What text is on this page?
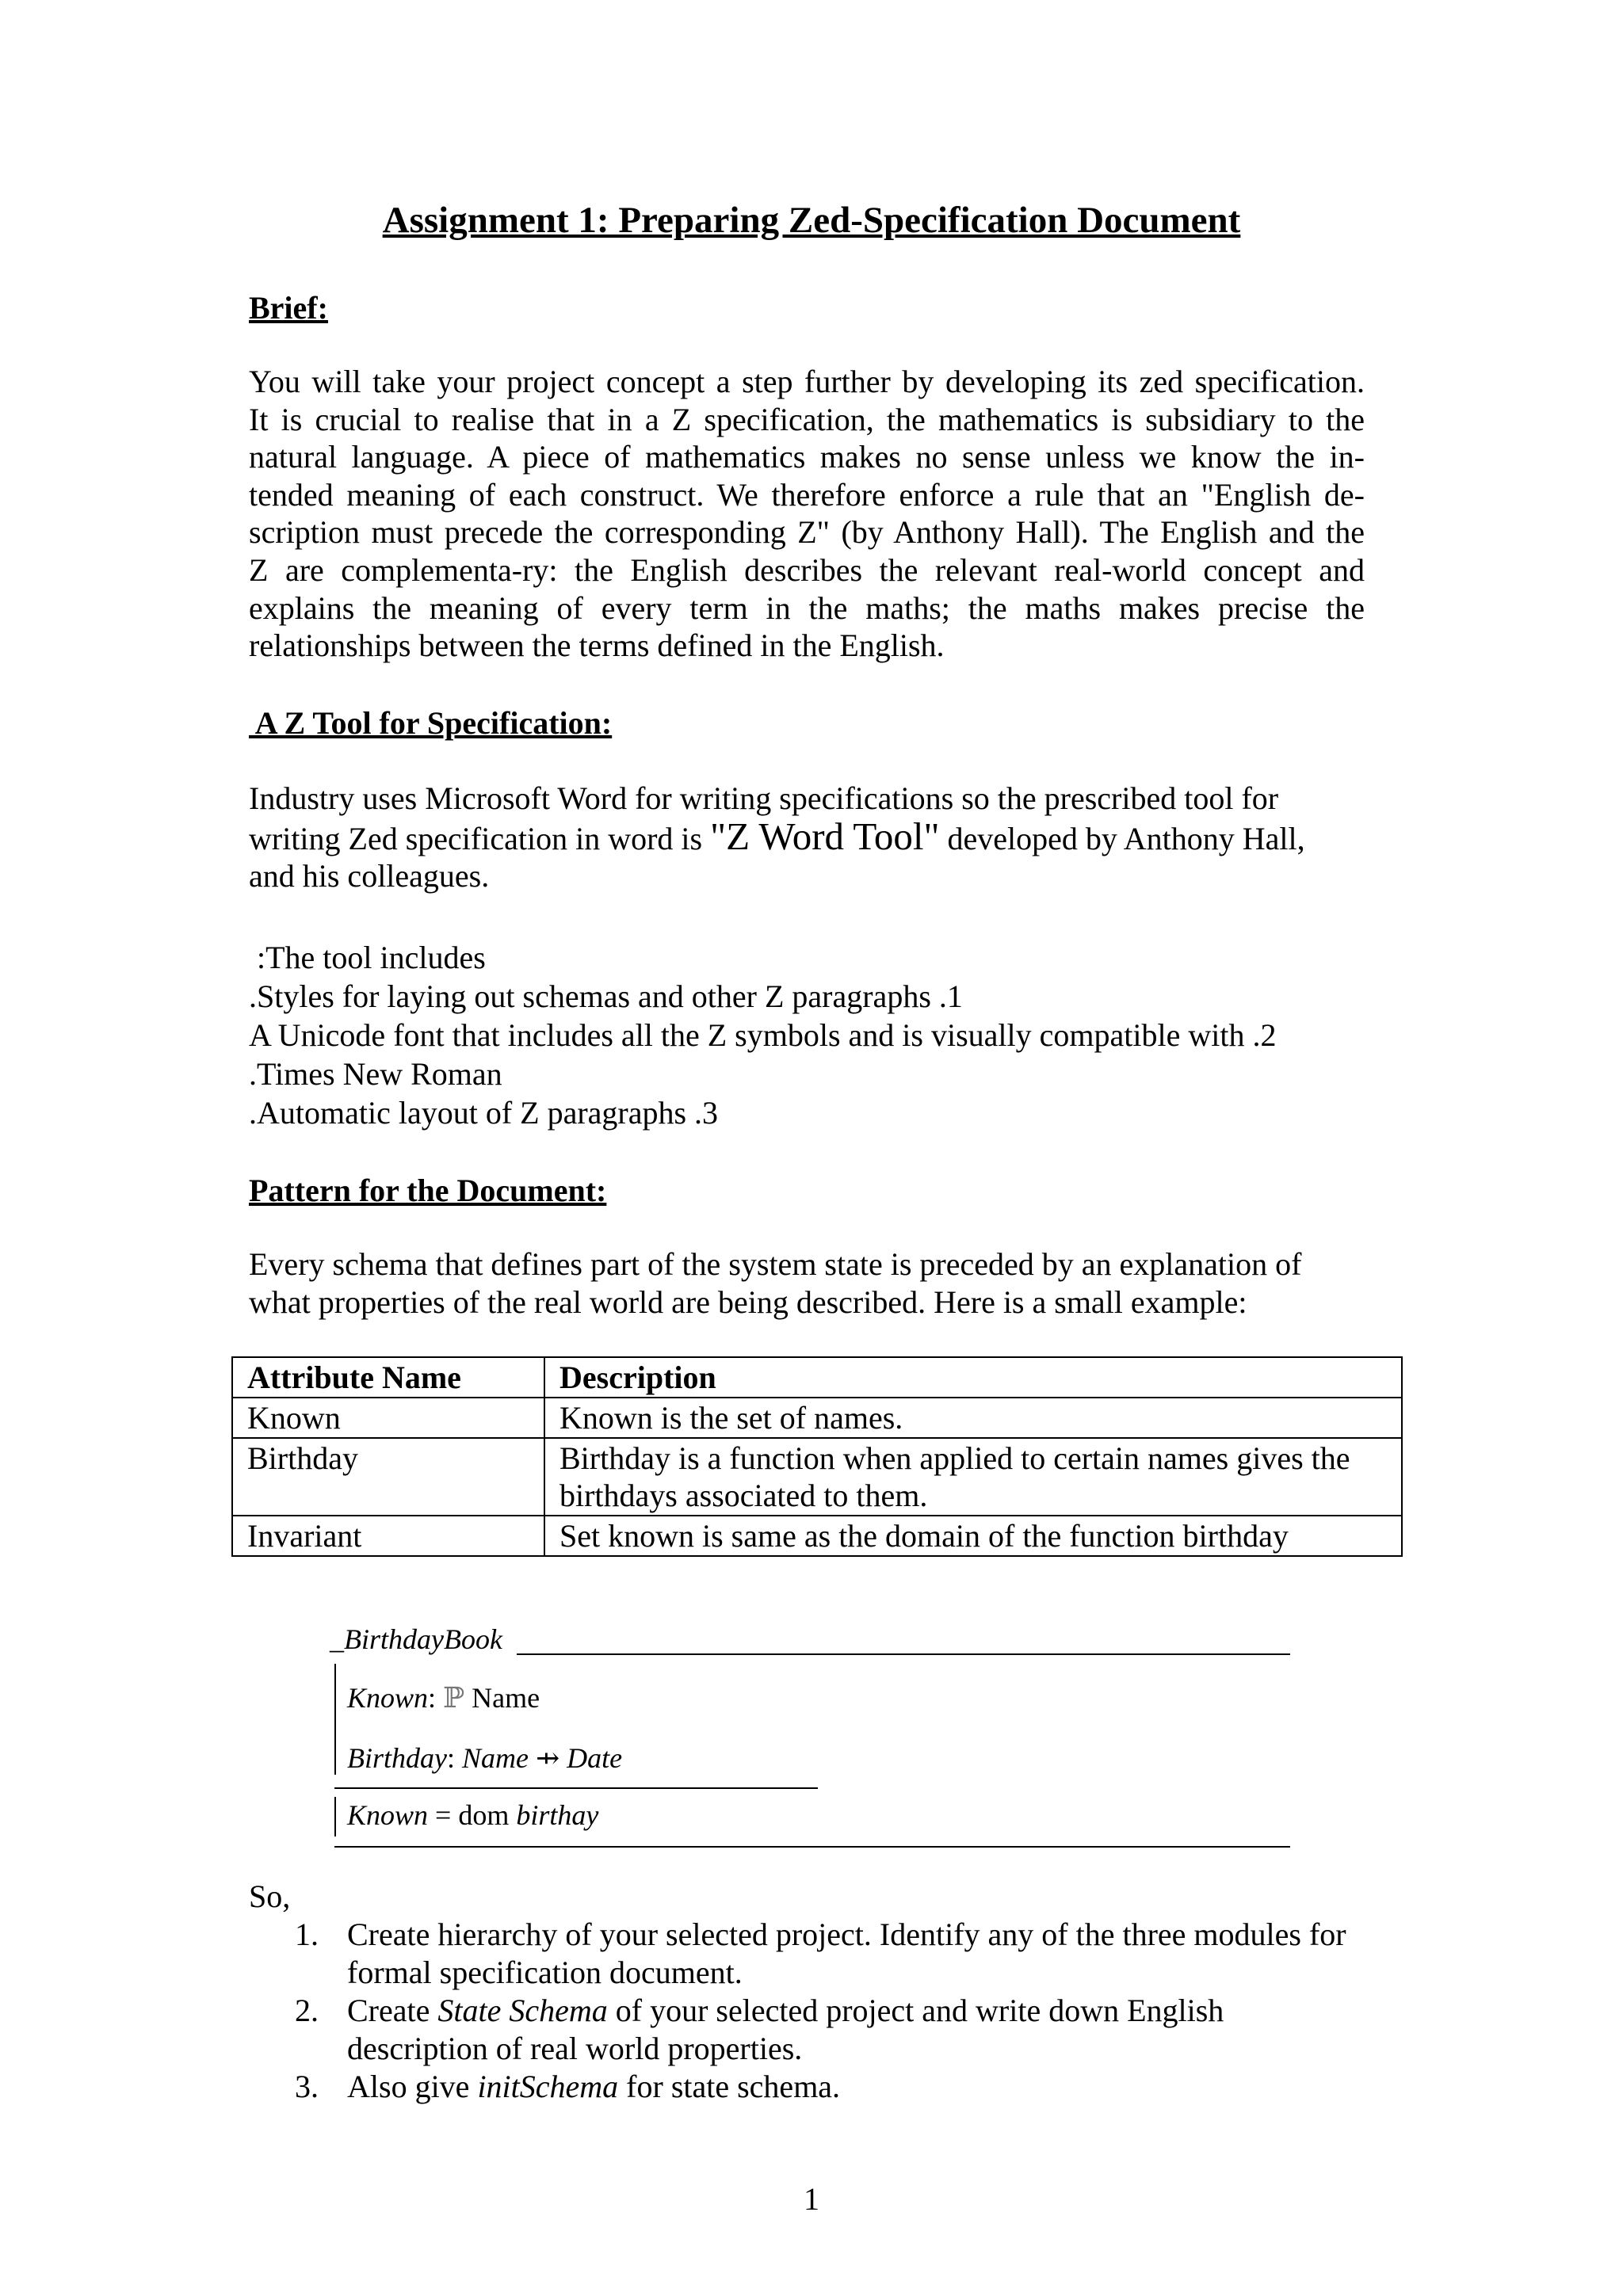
Assignment 1: Preparing Zed-Specification Document
Brief:
You will take your project concept a step further by developing its zed specification.
It is crucial to realise that in a Z specification, the mathematics is subsidiary to the
natural language. A piece of mathematics makes no sense unless we know the in-
tended meaning of each construct. We therefore enforce a rule that an "English de-
scription must precede the corresponding Z" (by Anthony Hall). The English and the
Z are complementa-ry: the English describes the relevant real-world concept and
explains the meaning of every term in the maths; the maths makes precise the
relationships between the terms defined in the English.
A Z Tool for Specification:
Industry uses Microsoft Word for writing specifications so the prescribed tool for
writing Zed specification in word is "Z Word Tool" developed by Anthony Hall,
and his colleagues.
:The tool includes
.Styles for laying out schemas and other Z paragraphs .1
A Unicode font that includes all the Z symbols and is visually compatible with .2
.Times New Roman
.Automatic layout of Z paragraphs .3
Pattern for the Document:
Every schema that defines part of the system state is preceded by an explanation of
what properties of the real world are being described. Here is a small example:
Attribute Name	Description
Known	Known is the set of names.
Birthday	Birthday is a function when applied to certain names gives the birthdays associated to them.
Invariant	Set known is same as the domain of the function birthday
_BirthdayBook
Known: ℙ Name
Birthday: Name ⇸ Date
Known = dom birthay
So,
1. Create hierarchy of your selected project. Identify any of the three modules for
formal specification document.
2. Create State Schema of your selected project and write down English
description of real world properties.
3. Also give initSchema for state schema.
1
